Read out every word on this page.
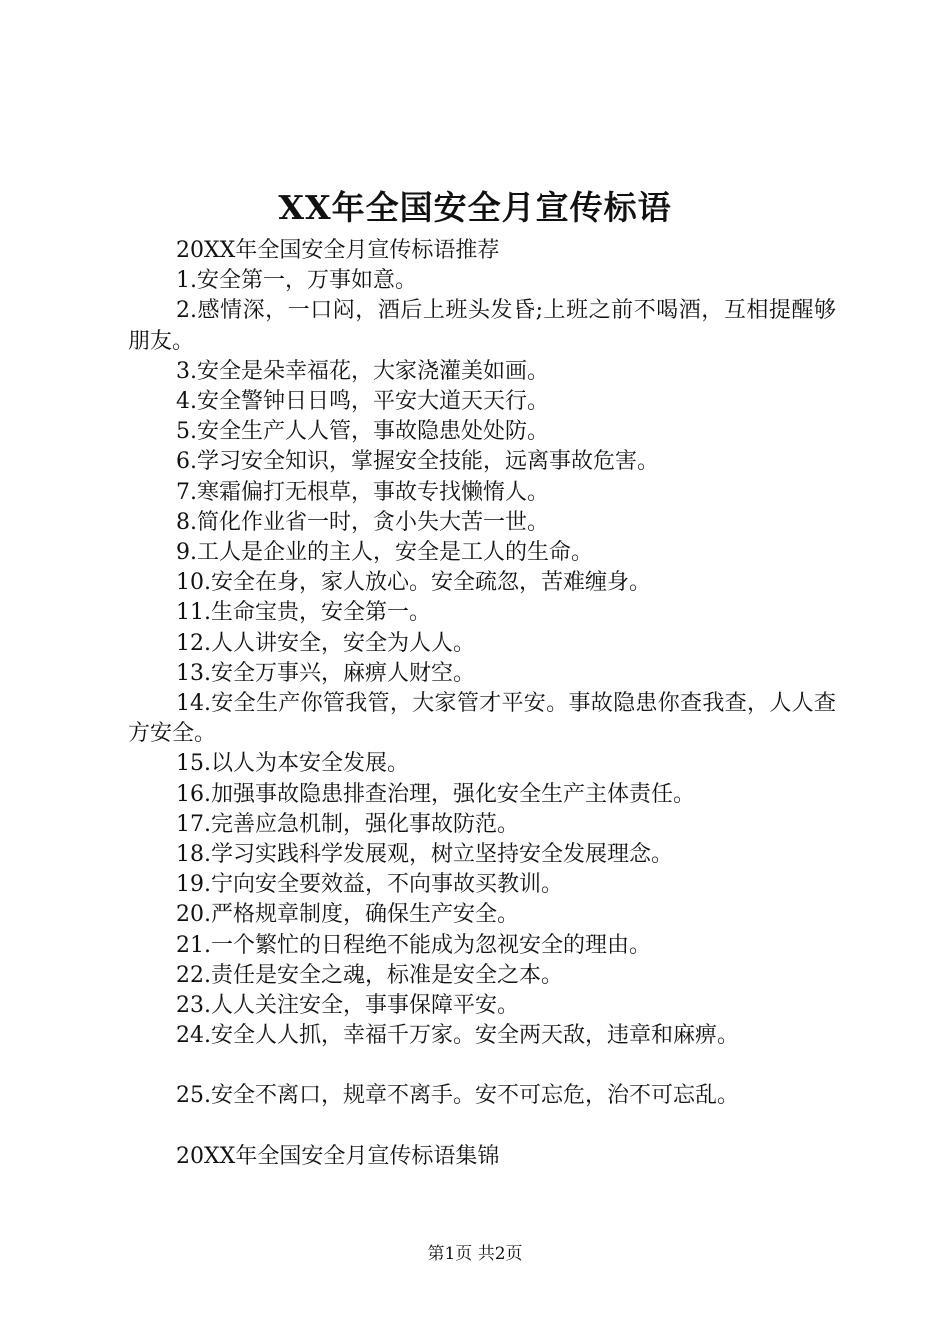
XX年全国安全月宣传标语

20XX年全国安全月宣传标语推荐

1.安全第一，万事如意。

2.感情深，一口闷，酒后上班头发昏;上班之前不喝酒，互相提醒够朋友。

3.安全是朵幸福花，大家浇灌美如画。

4.安全警钟日日鸣，平安大道天天行。

5.安全生产人人管，事故隐患处处防。

6.学习安全知识，掌握安全技能，远离事故危害。

7.寒霜偏打无根草，事故专找懒惰人。

8.简化作业省一时，贪小失大苦一世。

9.工人是企业的主人，安全是工人的生命。

10.安全在身，家人放心。安全疏忽，苦难缠身。

11.生命宝贵，安全第一。

12.人人讲安全，安全为人人。

13.安全万事兴，麻痹人财空。

14.安全生产你管我管，大家管才平安。事故隐患你查我查，人人查方安全。

15.以人为本安全发展。

16.加强事故隐患排查治理，强化安全生产主体责任。

17.完善应急机制，强化事故防范。

18.学习实践科学发展观，树立坚持安全发展理念。

19.宁向安全要效益，不向事故买教训。

20.严格规章制度，确保生产安全。

21.一个繁忙的日程绝不能成为忽视安全的理由。

22.责任是安全之魂，标准是安全之本。

23.人人关注安全，事事保障平安。

24.安全人人抓，幸福千万家。安全两天敌，违章和麻痹。

25.安全不离口，规章不离手。安不可忘危，治不可忘乱。

20XX年全国安全月宣传标语集锦

第1页 共2页
